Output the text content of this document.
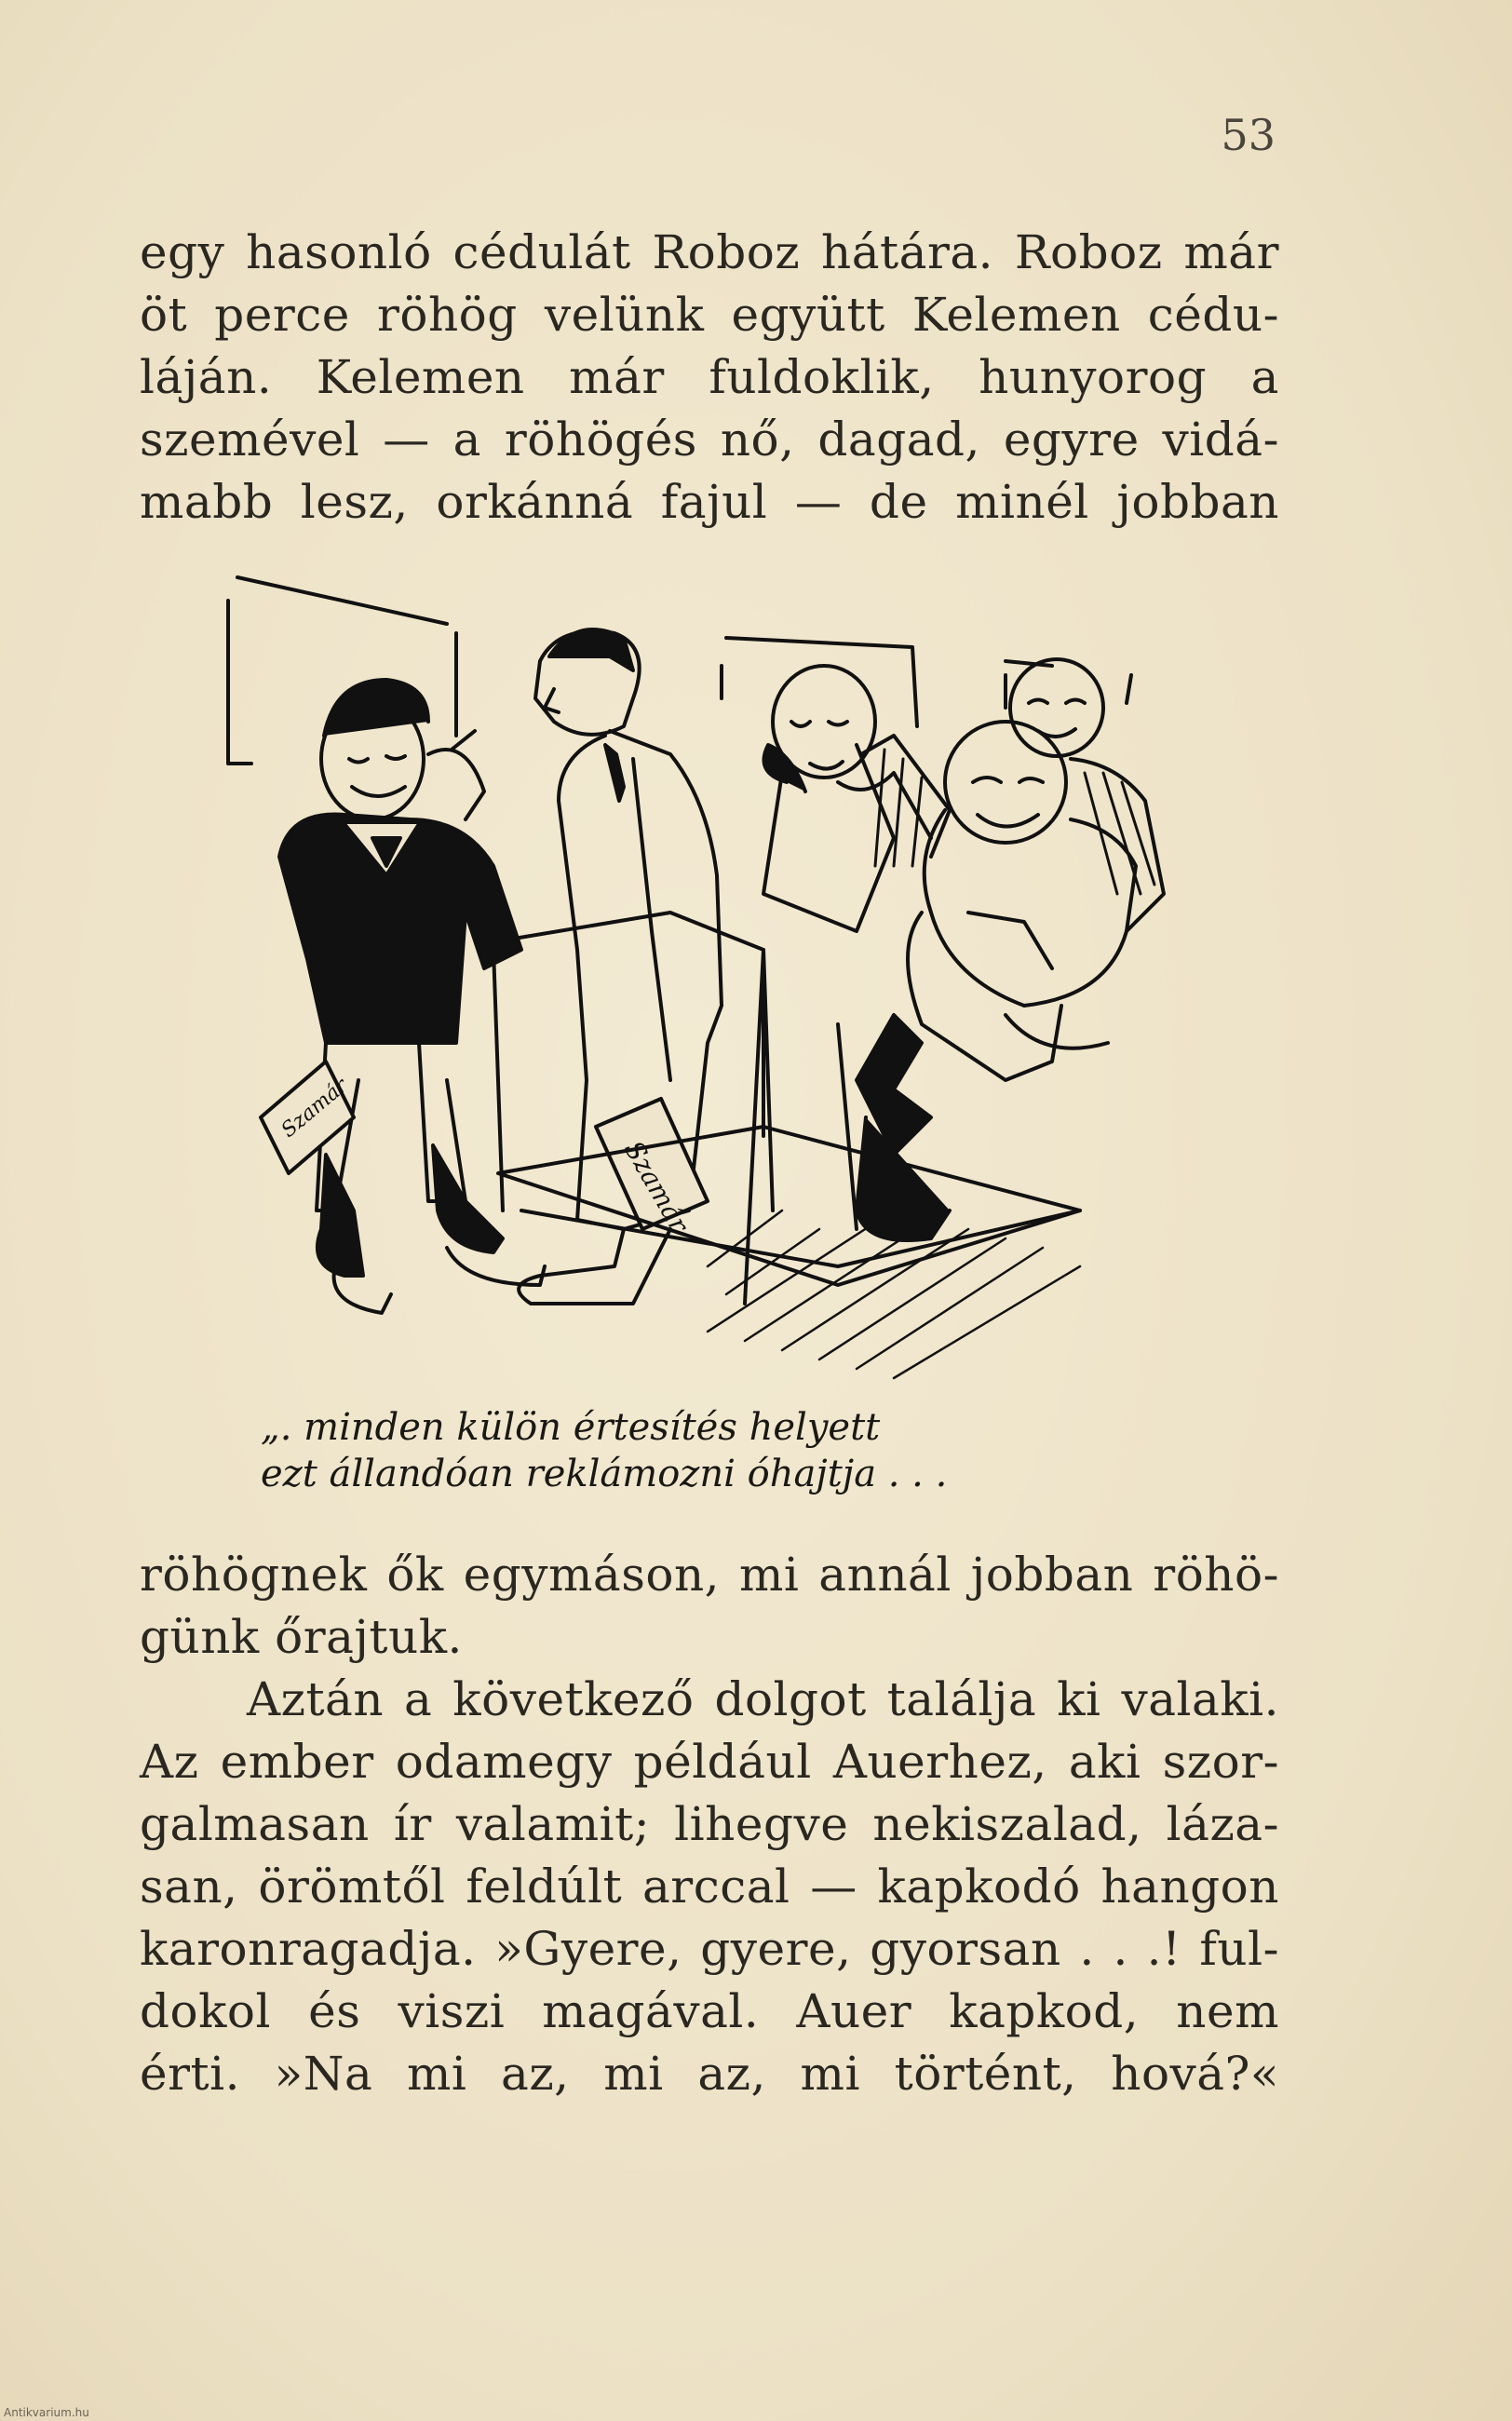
53
egy hasonló cédulát Roboz hátára. Roboz már
öt perce röhög velünk együtt Kelemen cédu-
láján. Kelemen már fuldoklik, hunyorog a
szemével — a röhögés nő, dagad, egyre vidá-
mabb lesz, orkánná fajul — de minél jobban
Szamár
Szamár
„. minden külön értesítés helyett
ezt állandóan reklámozni óhajtja . . .
röhögnek ők egymáson, mi annál jobban röhö-
günk őrajtuk.
Aztán a következő dolgot találja ki valaki.
Az ember odamegy például Auerhez, aki szor-
galmasan ír valamit; lihegve nekiszalad, láza-
san, örömtől feldúlt arccal — kapkodó hangon
karonragadja. »Gyere, gyere, gyorsan . . .! ful-
dokol és viszi magával. Auer kapkod, nem
érti. »Na mi az, mi az, mi történt, hová?«
Antikvarium.hu
